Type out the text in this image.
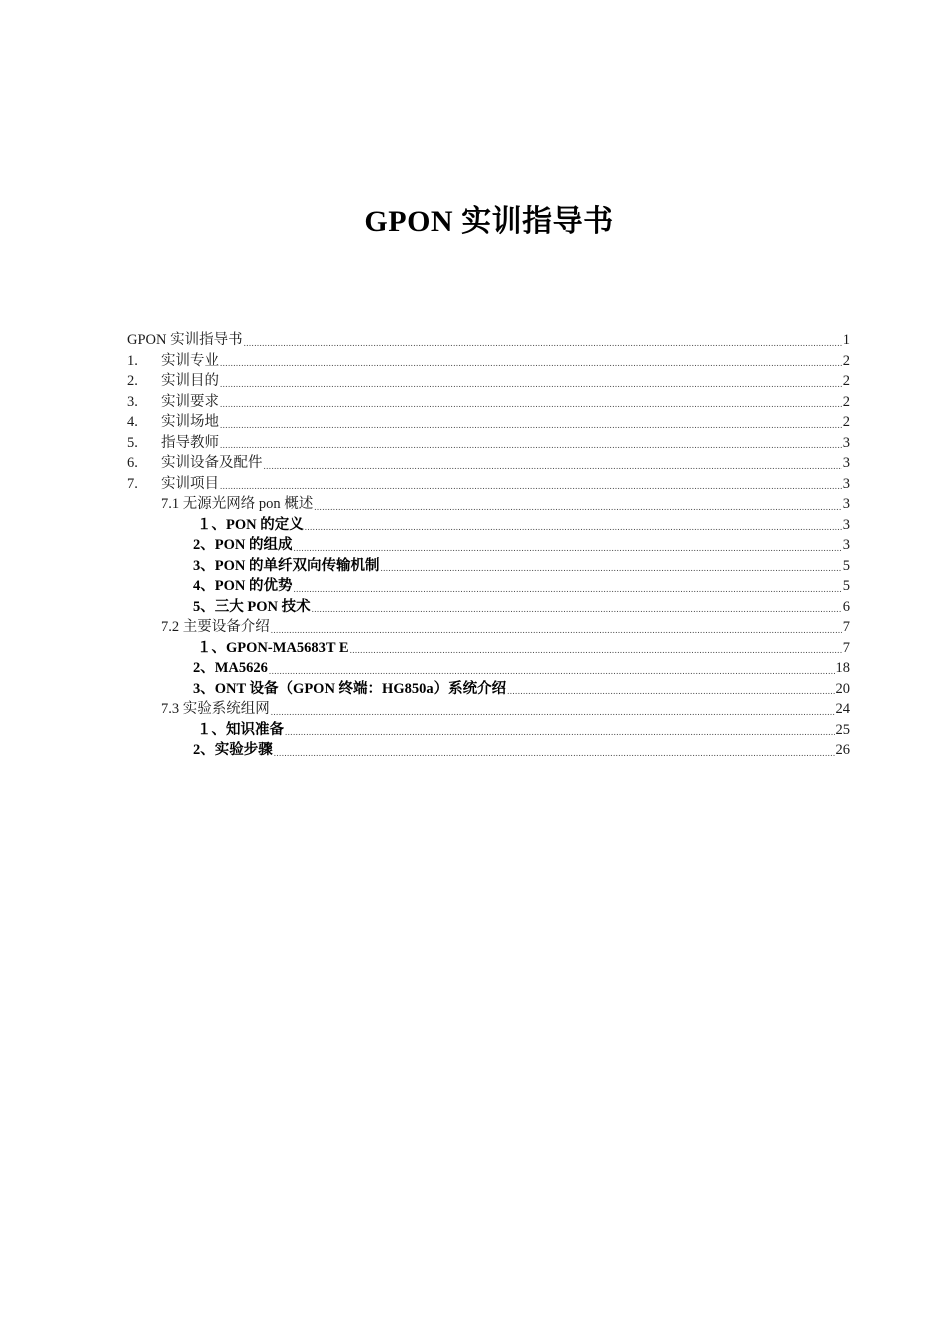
GPON 实训指导书
GPON 实训指导书 .....	1
1.	实训专业 .....	2
2.	实训目的 .....	2
3.	实训要求 .....	2
4.	实训场地 .....	2
5.	指导教师 .....	3
6.	实训设备及配件 .....	3
7.	实训项目 .....	3
7.1 无源光网络 pon 概述 .....	3
１、PON 的定义 .....	3
2、PON 的组成 .....	3
3、PON 的单纤双向传输机制 .....	5
4、PON 的优势 .....	5
5、三大 PON 技术 .....	6
7.2 主要设备介绍 .....	7
１、GPON-MA5683T E .....	7
2、MA5626 .....	18
3、ONT 设备（GPON 终端：HG850a）系统介绍 .....	20
7.3 实验系统组网 .....	24
１、知识准备 .....	25
2、实验步骤 .....	26
